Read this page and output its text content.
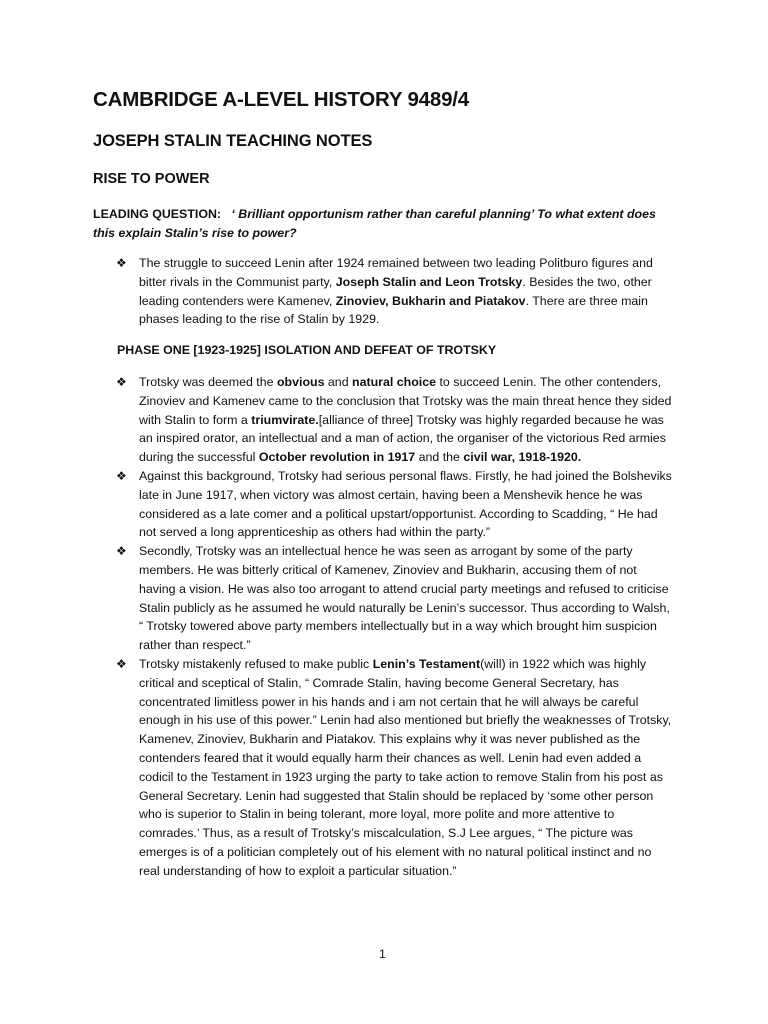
CAMBRIDGE A-LEVEL HISTORY 9489/4
JOSEPH STALIN TEACHING NOTES
RISE TO POWER
LEADING QUESTION: ‘ Brilliant opportunism rather than careful planning’ To what extent does this explain Stalin’s rise to power?
❖ The struggle to succeed Lenin after 1924 remained between two leading Politburo figures and bitter rivals in the Communist party, Joseph Stalin and Leon Trotsky. Besides the two, other leading contenders were Kamenev, Zinoviev, Bukharin and Piatakov. There are three main phases leading to the rise of Stalin by 1929.
PHASE ONE [1923-1925] ISOLATION AND DEFEAT OF TROTSKY
❖ Trotsky was deemed the obvious and natural choice to succeed Lenin. The other contenders, Zinoviev and Kamenev came to the conclusion that Trotsky was the main threat hence they sided with Stalin to form a triumvirate.[alliance of three] Trotsky was highly regarded because he was an inspired orator, an intellectual and a man of action, the organiser of the victorious Red armies during the successful October revolution in 1917 and the civil war, 1918-1920.
❖ Against this background, Trotsky had serious personal flaws. Firstly, he had joined the Bolsheviks late in June 1917, when victory was almost certain, having been a Menshevik hence he was considered as a late comer and a political upstart/opportunist. According to Scadding, “ He had not served a long apprenticeship as others had within the party.”
❖ Secondly, Trotsky was an intellectual hence he was seen as arrogant by some of the party members. He was bitterly critical of Kamenev, Zinoviev and Bukharin, accusing them of not having a vision. He was also too arrogant to attend crucial party meetings and refused to criticise Stalin publicly as he assumed he would naturally be Lenin’s successor. Thus according to Walsh, “ Trotsky towered above party members intellectually but in a way which brought him suspicion rather than respect.”
❖ Trotsky mistakenly refused to make public Lenin’s Testament(will) in 1922 which was highly critical and sceptical of Stalin, “ Comrade Stalin, having become General Secretary, has concentrated limitless power in his hands and i am not certain that he will always be careful enough in his use of this power.” Lenin had also mentioned but briefly the weaknesses of Trotsky, Kamenev, Zinoviev, Bukharin and Piatakov. This explains why it was never published as the contenders feared that it would equally harm their chances as well. Lenin had even added a codicil to the Testament in 1923 urging the party to take action to remove Stalin from his post as General Secretary. Lenin had suggested that Stalin should be replaced by ‘some other person who is superior to Stalin in being tolerant, more loyal, more polite and more attentive to comrades.’ Thus, as a result of Trotsky’s miscalculation, S.J Lee argues, “ The picture was emerges is of a politician completely out of his element with no natural political instinct and no real understanding of how to exploit a particular situation.”
1
